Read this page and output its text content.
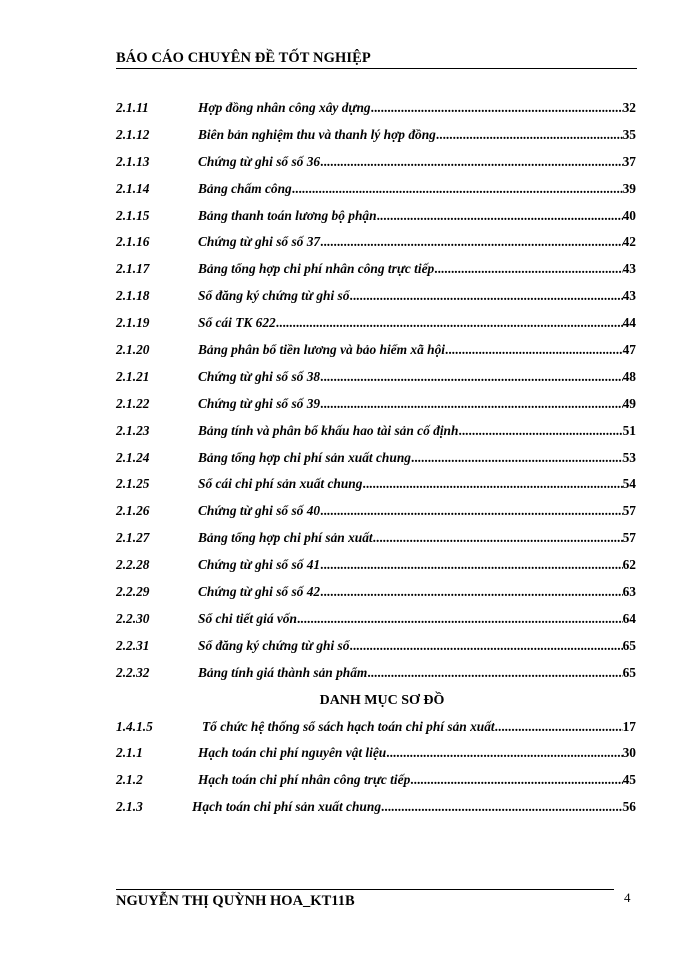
BÁO CÁO CHUYÊN ĐỀ TỐT NGHIỆP
2.1.11	Hợp đồng nhân công xây dựng .....	32
2.1.12	Biên bản nghiệm thu và thanh lý hợp đồng .....	35
2.1.13	Chứng từ ghi sổ số 36 .....	37
2.1.14	Bảng chấm công .....	39
2.1.15	Bảng thanh toán lương bộ phận .....	40
2.1.16	Chứng từ ghi sổ số 37 .....	42
2.1.17	Bảng tổng hợp chi phí nhân công trực tiếp .....	43
2.1.18	Sổ đăng ký chứng từ ghi sổ .....	43
2.1.19	Sổ cái TK 622 .....	44
2.1.20	Bảng phân bổ tiền lương và bảo hiểm xã hội .....	47
2.1.21	Chứng từ ghi sổ số 38 .....	48
2.1.22	Chứng từ ghi sổ số 39 .....	49
2.1.23	Bảng tính và phân bổ khấu hao tài sản cố định .....	51
2.1.24	Bảng tổng hợp chi phí sản xuất chung .....	53
2.1.25	Sổ cái chi phí sản xuất chung .....	54
2.1.26	Chứng từ ghi sổ số 40 .....	57
2.1.27	Bảng tổng hợp chi phí sản xuất .....	57
2.2.28	Chứng từ ghi sổ số 41 .....	62
2.2.29	Chứng từ ghi sổ số 42 .....	63
2.2.30	Sổ chi tiết giá vốn .....	64
2.2.31	Sổ đăng ký chứng từ ghi sổ .....	65
2.2.32	Bảng tính giá thành sản phẩm .....	65
DANH MỤC SƠ ĐỒ
1.4.1.5	Tổ chức hệ thống sổ sách hạch toán chi phí sản xuất .....	17
2.1.1	Hạch toán chi phí nguyên vật liệu .....	30
2.1.2	Hạch toán chi phí nhân công trực tiếp .....	45
2.1.3	Hạch toán chi phí sản xuất chung .....	56
NGUYỄN THỊ QUỲNH HOA_KT11B	4
